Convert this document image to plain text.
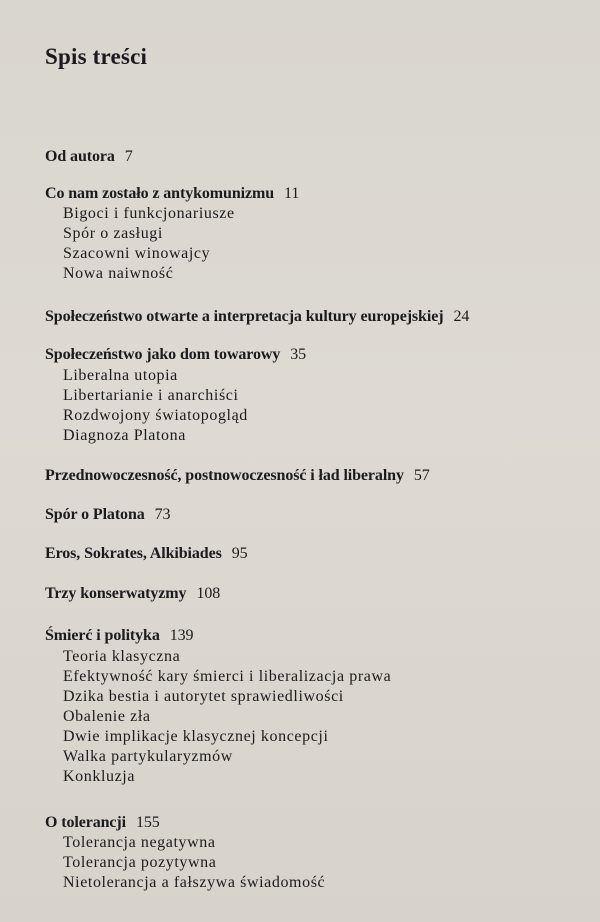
Spis treści
Od autora 7
Co nam zostało z antykomunizmu 11
Bigoci i funkcjonariusze
Spór o zasługi
Szacowni winowajcy
Nowa naiwność
Społeczeństwo otwarte a interpretacja kultury europejskiej 24
Społeczeństwo jako dom towarowy 35
Liberalna utopia
Libertarianie i anarchiści
Rozdwojony światopogląd
Diagnoza Platona
Przednowoczesność, postnowoczesność i ład liberalny 57
Spór o Platona 73
Eros, Sokrates, Alkibiades 95
Trzy konserwatyzmy 108
Śmierć i polityka 139
Teoria klasyczna
Efektywność kary śmierci i liberalizacja prawa
Dzika bestia i autorytet sprawiedliwości
Obalenie zła
Dwie implikacje klasycznej koncepcji
Walka partykularyzmów
Konkluzja
O tolerancji 155
Tolerancja negatywna
Tolerancja pozytywna
Nietolerancja a fałszywa świadomość
